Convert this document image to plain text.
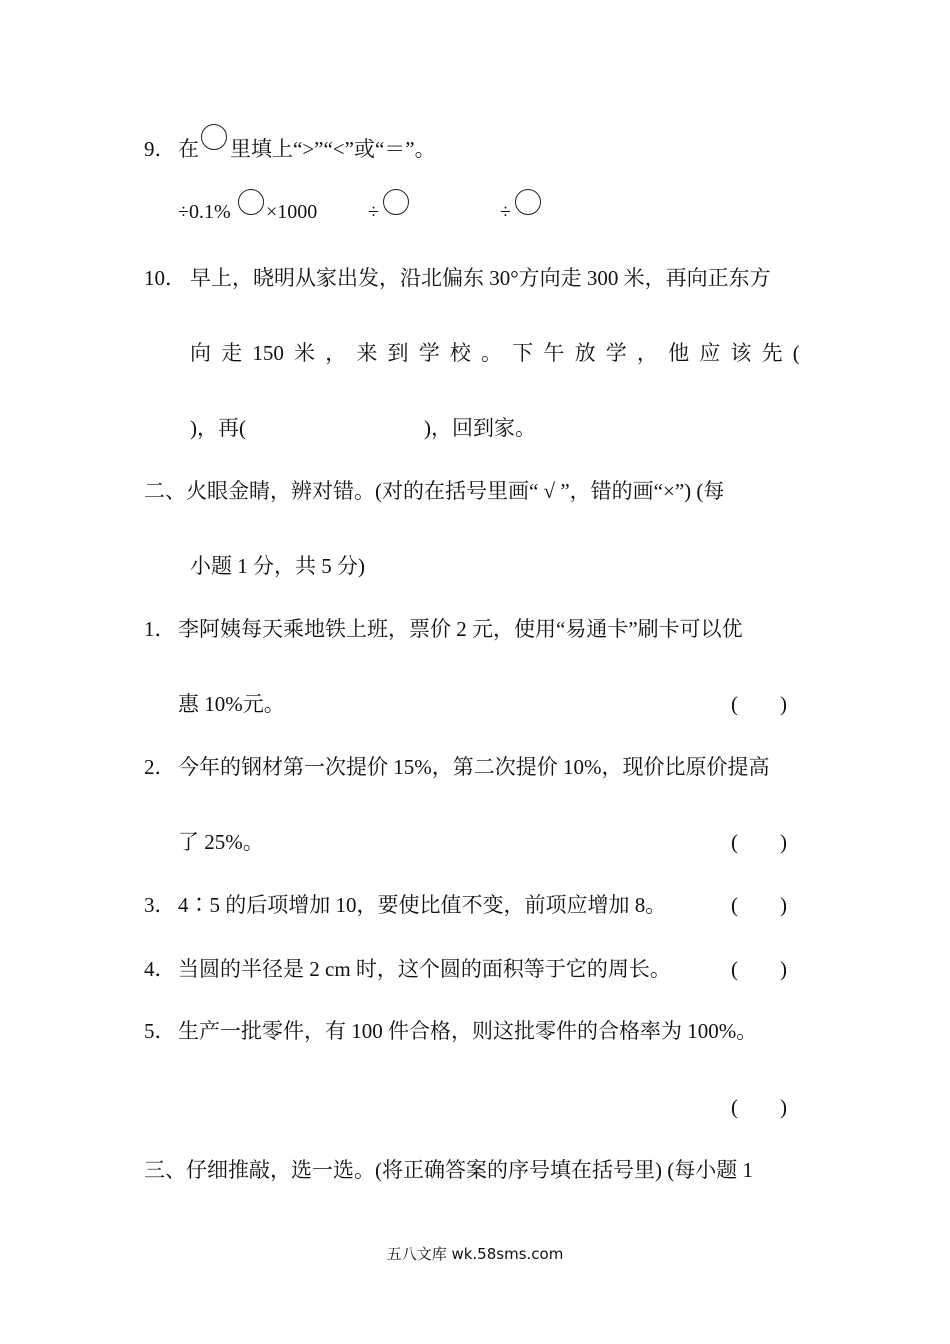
9． 在 里填上“>”“<”或“＝”。
÷0.1% ×1000	÷	÷
10． 早上，晓明从家出发，沿北偏东 30°方向走 300 米，再向正东方
向 走 150 米 ， 来 到 学 校 。 下 午 放 学 ， 他 应 该 先 (
)，再(	)，回到家。
二、火眼金睛，辨对错。(对的在括号里画“ √ ”，错的画“×”) (每
小题 1 分，共 5 分)
1． 李阿姨每天乘地铁上班，票价 2 元，使用“易通卡”刷卡可以优
惠 10%元。	(　　)
2． 今年的钢材第一次提价 15%，第二次提价 10%，现价比原价提高
了 25%。	(　　)
3． 4∶5 的后项增加 10，要使比值不变，前项应增加 8。	(　　)
4． 当圆的半径是 2 cm 时，这个圆的面积等于它的周长。	(　　)
5． 生产一批零件，有 100 件合格，则这批零件的合格率为 100%。
(　　)
三、仔细推敲，选一选。(将正确答案的序号填在括号里) (每小题 1
五八文库 wk.58sms.com
